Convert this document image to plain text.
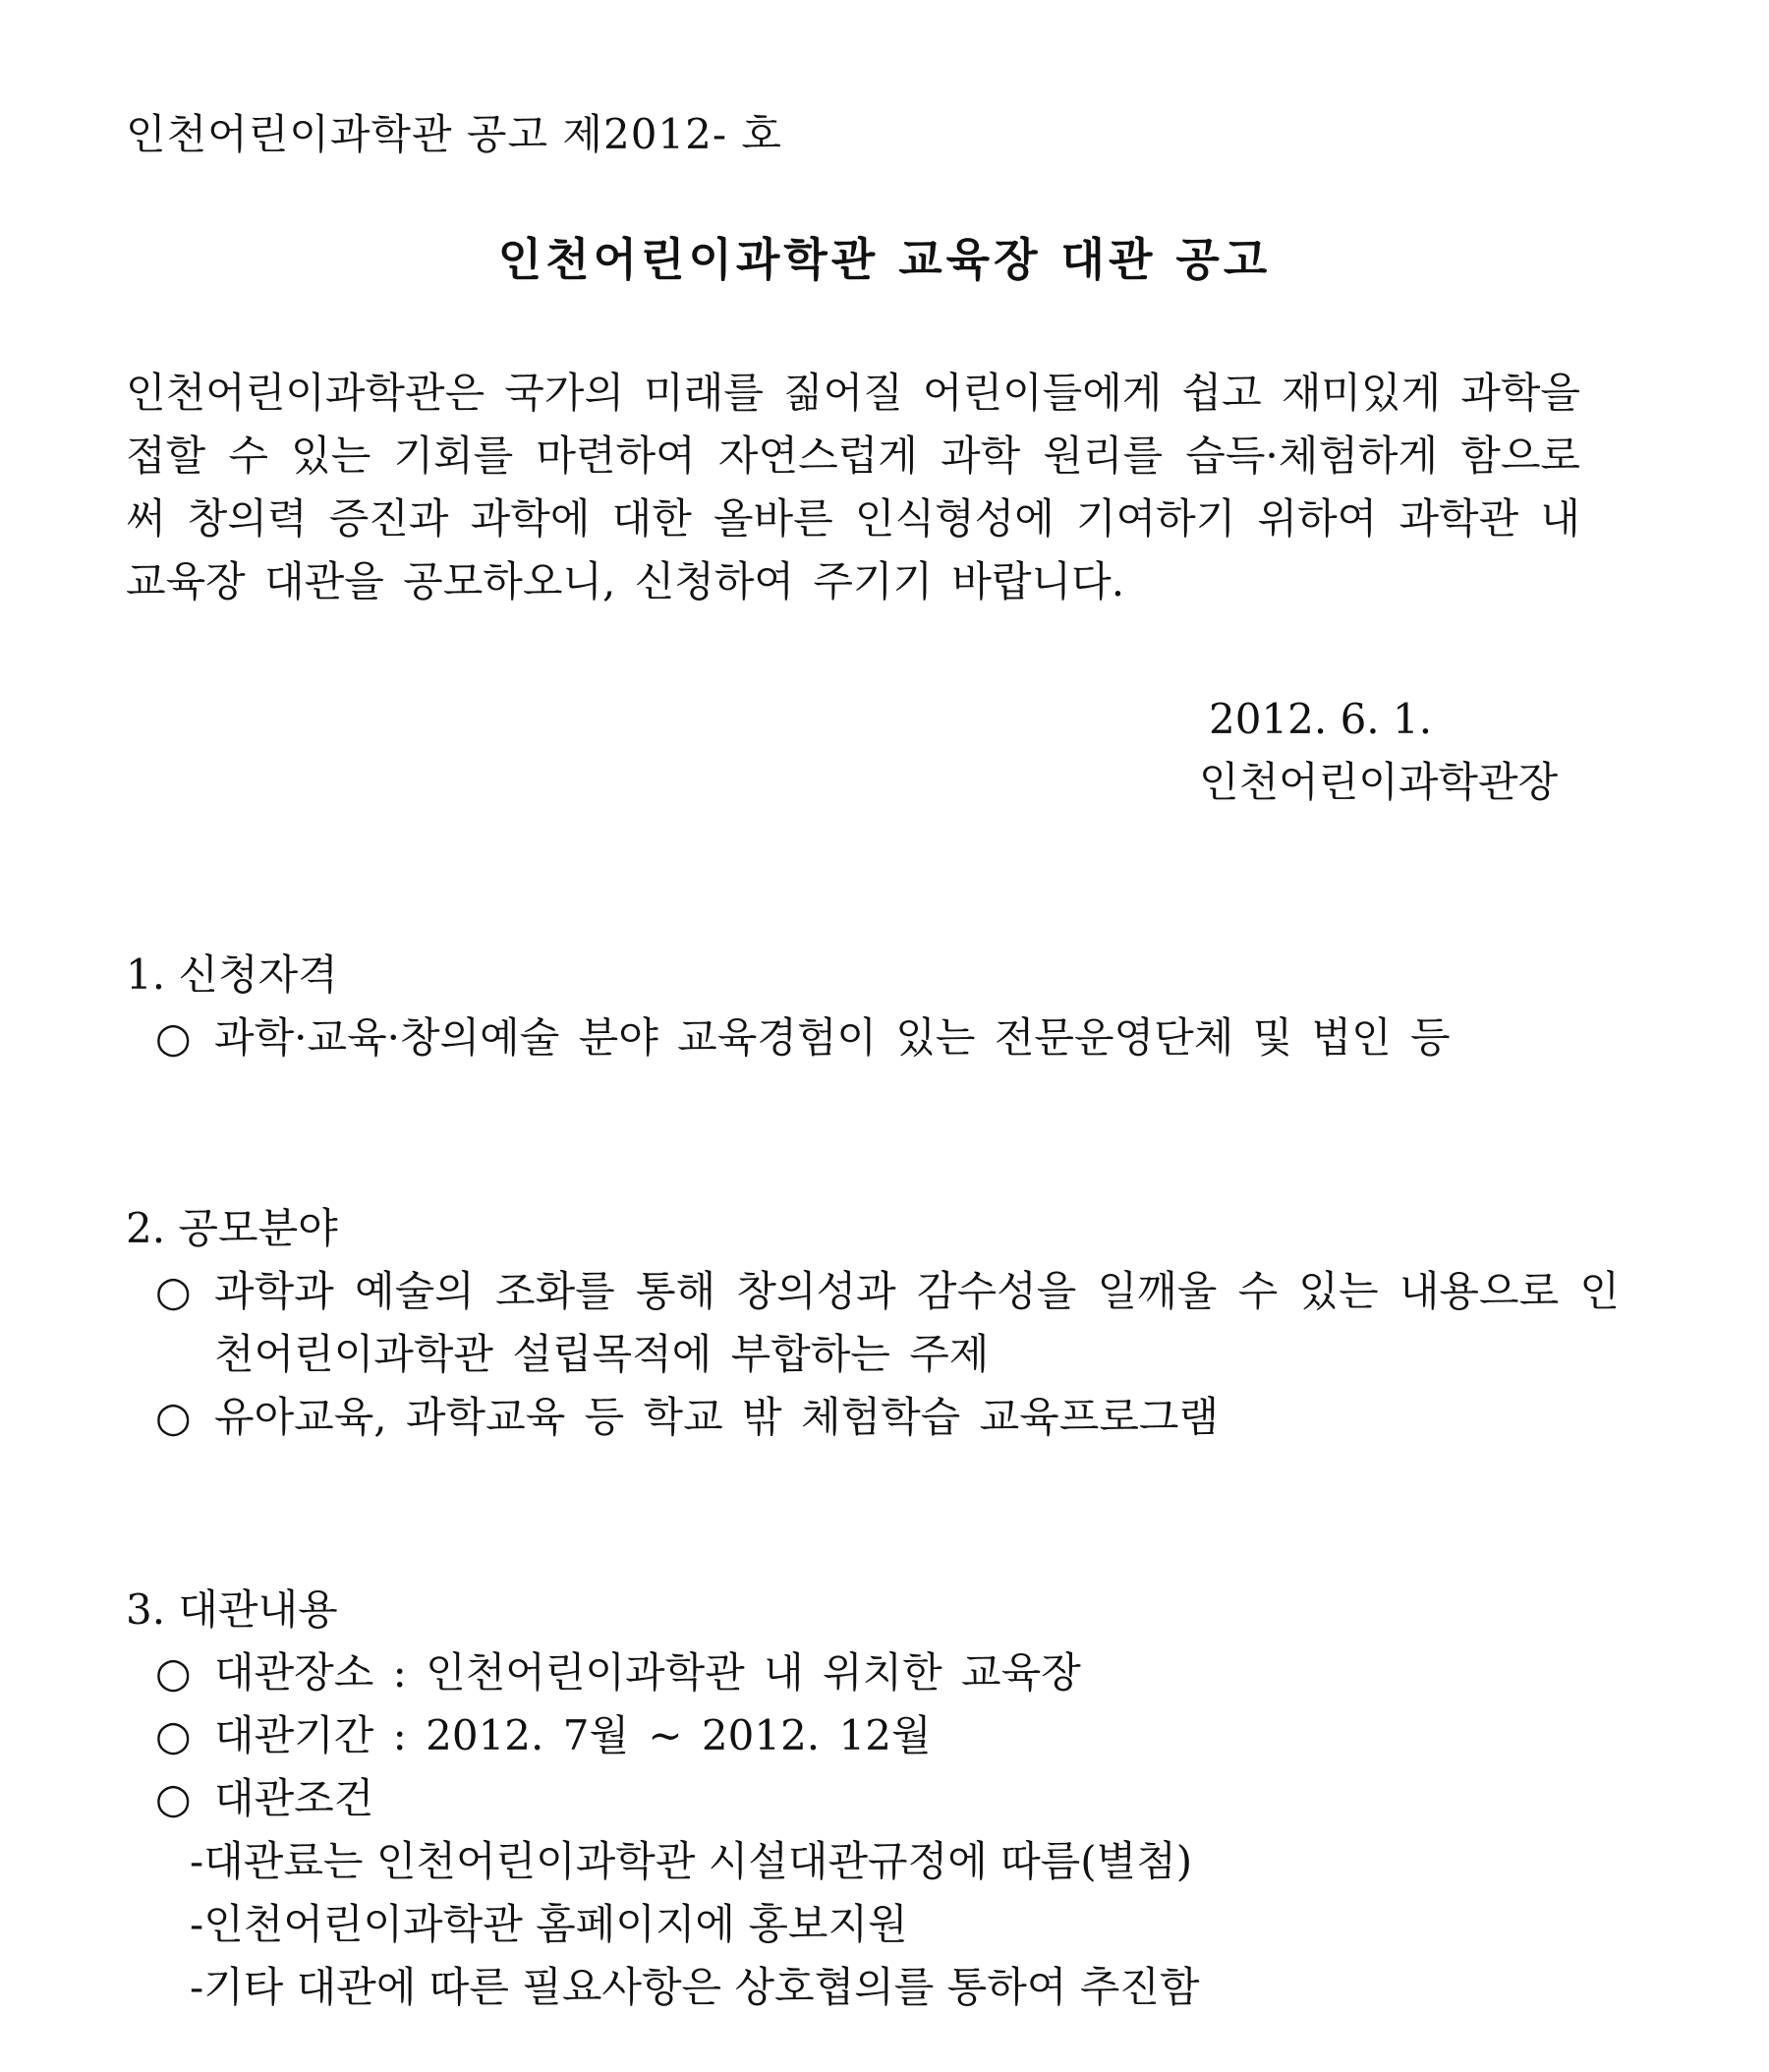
인천어린이과학관 공고 제2012- 호
인천어린이과학관 교육장 대관 공고

인천어린이과학관은 국가의 미래를 짊어질 어린이들에게 쉽고 재미있게 과학을 접할 수 있는 기회를 마련하여 자연스럽게 과학 원리를 습득·체험하게 함으로써 창의력 증진과 과학에 대한 올바른 인식형성에 기여하기 위하여 과학관 내 교육장 대관을 공모하오니, 신청하여 주기기 바랍니다.

2012. 6. 1.
인천어린이과학관장
1. 신청자격
○ 과학·교육·창의예술 분야 교육경험이 있는 전문운영단체 및 법인 등
2. 공모분야
○ 과학과 예술의 조화를 통해 창의성과 감수성을 일깨울 수 있는 내용으로 인천어린이과학관 설립목적에 부합하는 주제
○ 유아교육, 과학교육 등 학교 밖 체험학습 교육프로그램
3. 대관내용
○ 대관장소 : 인천어린이과학관 내 위치한 교육장
○ 대관기간 : 2012. 7월 ~ 2012. 12월
○ 대관조건

-대관료는 인천어린이과학관 시설대관규정에 따름(별첨)

-인천어린이과학관 홈페이지에 홍보지원

-기타 대관에 따른 필요사항은 상호협의를 통하여 추진함
